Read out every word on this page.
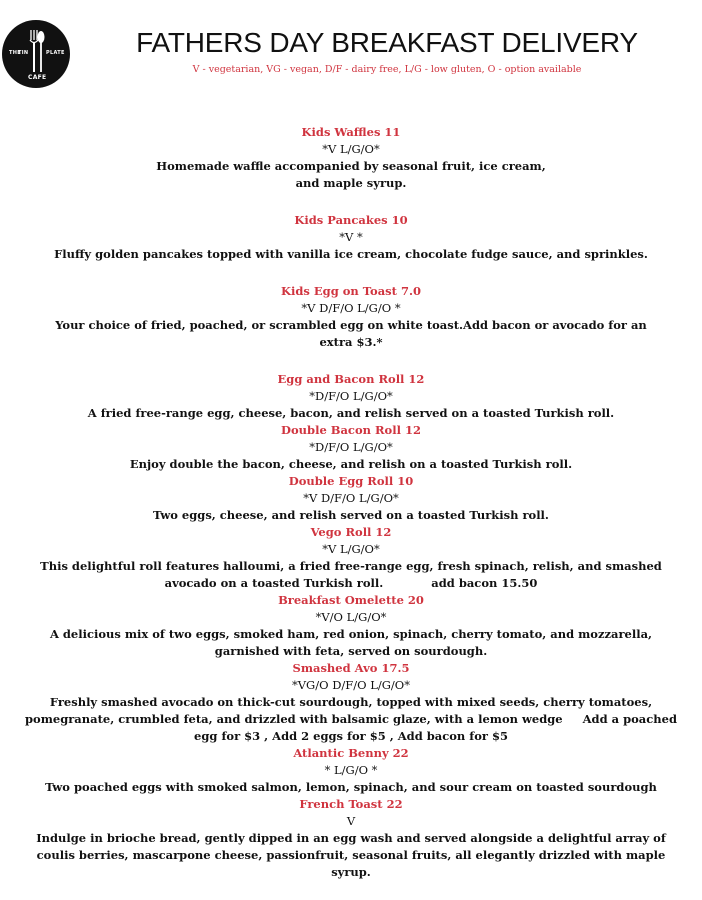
THE
TIN	PLATE
CAFE
FATHERS DAY BREAKFAST DELIVERY
V - vegetarian, VG - vegan, D/F - dairy free, L/G - low gluten, O - option available
Kids Waffles 11
*V L/G/O*
Homemade waffle accompanied by seasonal fruit, ice cream,
and maple syrup.
Kids Pancakes 10
*V *
Fluffy golden pancakes topped with vanilla ice cream, chocolate fudge sauce, and sprinkles.
Kids Egg on Toast 7.0
*V D/F/O L/G/O *
Your choice of fried, poached, or scrambled egg on white toast.Add bacon or avocado for an
extra $3.*
Egg and Bacon Roll 12
*D/F/O L/G/O*
A fried free-range egg, cheese, bacon, and relish served on a toasted Turkish roll.
Double Bacon Roll 12
*D/F/O L/G/O*
Enjoy double the bacon, cheese, and relish on a toasted Turkish roll.
Double Egg Roll 10
*V D/F/O L/G/O*
Two eggs, cheese, and relish served on a toasted Turkish roll.
Vego Roll 12
*V L/G/O*
This delightful roll features halloumi, a fried free-range egg, fresh spinach, relish, and smashed
avocado on a toasted Turkish roll.            add bacon 15.50
Breakfast Omelette 20
*V/O L/G/O*
A delicious mix of two eggs, smoked ham, red onion, spinach, cherry tomato, and mozzarella,
garnished with feta, served on sourdough.
Smashed Avo 17.5
*VG/O D/F/O L/G/O*
Freshly smashed avocado on thick-cut sourdough, topped with mixed seeds, cherry tomatoes,
pomegranate, crumbled feta, and drizzled with balsamic glaze, with a lemon wedge     Add a poached
egg for $3 , Add 2 eggs for $5 , Add bacon for $5
Atlantic Benny 22
* L/G/O *
Two poached eggs with smoked salmon, lemon, spinach, and sour cream on toasted sourdough
French Toast 22
V
Indulge in brioche bread, gently dipped in an egg wash and served alongside a delightful array of
coulis berries, mascarpone cheese, passionfruit, seasonal fruits, all elegantly drizzled with maple
syrup.
